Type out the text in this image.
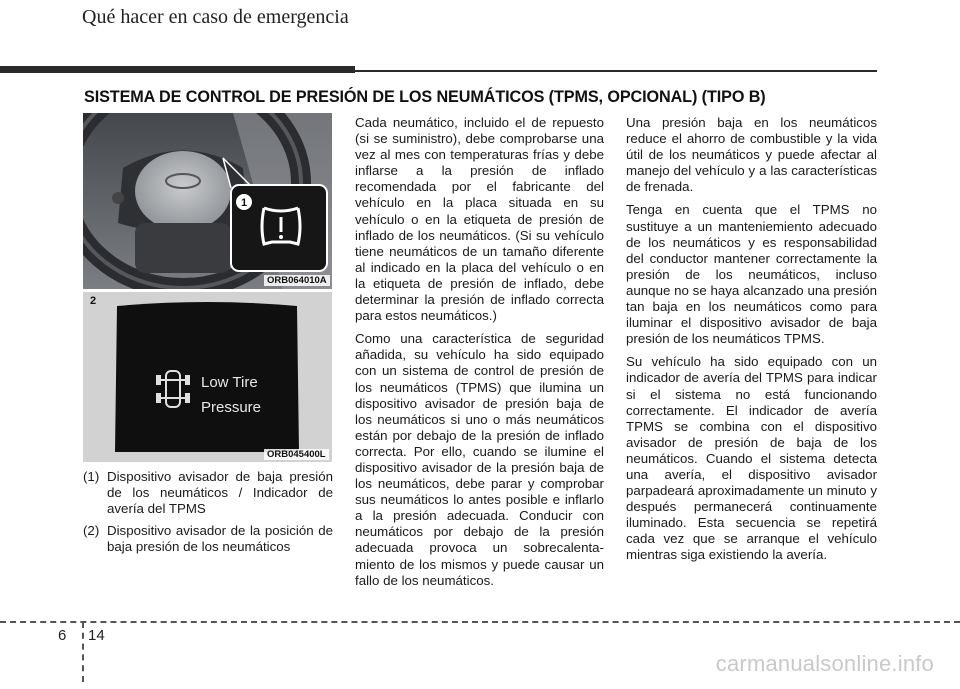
Qué hacer en caso de emergencia
SISTEMA DE CONTROL DE PRESIÓN DE LOS NEUMÁTICOS (TPMS, OPCIONAL) (TIPO B)
1
ORB064010A
Low Tire
Pressure
2
ORB045400L
(1) Dispositivo avisador de baja presión de los neumáticos / Indicador de avería del TPMS
(2) Dispositivo avisador de la posición de baja presión de los neumáticos

Cada neumático, incluido el de repuesto (si se suministro), debe comprobarse una vez al mes con temperaturas frías y debe inflarse a la presión de inflado recomendada por el fabricante del vehículo en la placa situada en su vehículo o en la etiqueta de presión de inflado de los neumáticos. (Si su vehículo tiene neumáticos de un tamaño diferente al indicado en la placa del vehículo o en la etiqueta de presión de inflado, debe determinar la presión de inflado correcta para estos neumáticos.)

Como una característica de seguridad añadida, su vehículo ha sido equipado con un sistema de control de presión de los neumáticos (TPMS) que ilumina un dispositivo avisador de presión baja de los neumáticos si uno o más neumáticos están por debajo de la presión de inflado correcta. Por ello, cuando se ilumine el dispositivo avisador de la presión baja de los neumáticos, debe parar y comprobar sus neumáticos lo antes posible e inflarlo a la presión adecuada. Conducir con neumáticos por debajo de la presión adecuada provoca un sobrecalenta-miento de los mismos y puede causar un fallo de los neumáticos.

Una presión baja en los neumáticos reduce el ahorro de combustible y la vida útil de los neumáticos y puede afectar al manejo del vehículo y a las características de frenada.

Tenga en cuenta que el TPMS no sustituye a un manteniemiento adecuado de los neumáticos y es responsabilidad del conductor mantener correctamente la presión de los neumáticos, incluso aunque no se haya alcanzado una presión tan baja en los neumáticos como para iluminar el dispositivo avisador de baja presión de los neumáticos TPMS.

Su vehículo ha sido equipado con un indicador de avería del TPMS para indicar si el sistema no está funcionando correctamente. El indicador de avería TPMS se combina con el dispositivo avisador de presión de baja de los neumáticos. Cuando el sistema detecta una avería, el dispositivo avisador parpadeará aproximadamente un minuto y después permanecerá continuamente iluminado. Esta secuencia se repetirá cada vez que se arranque el vehículo mientras siga existiendo la avería.

6 14
carmanualsonline.info
